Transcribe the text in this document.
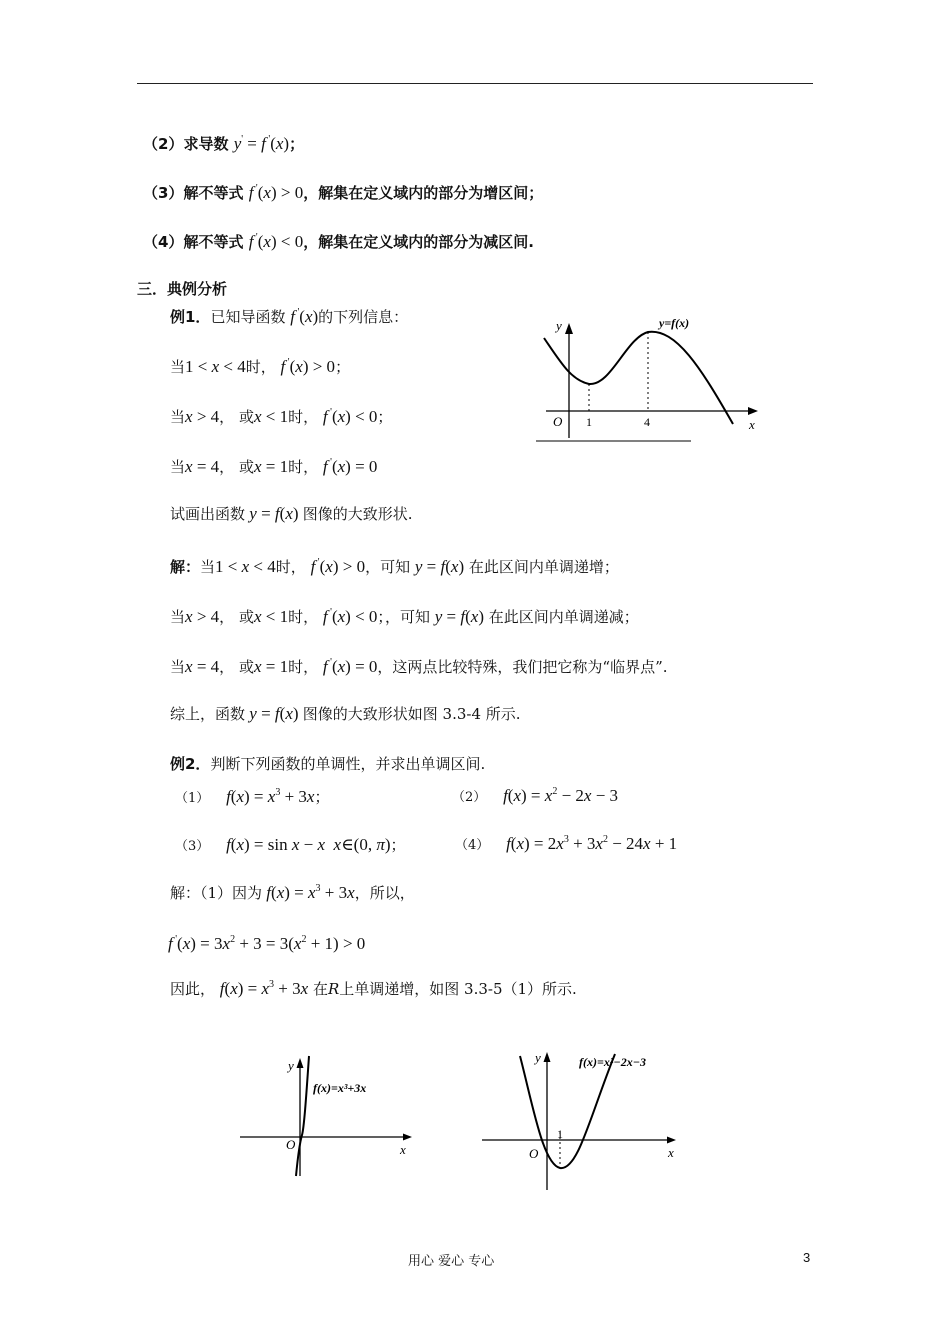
（2）求导数 y' = f '(x)；
（3）解不等式 f '(x) > 0，解集在定义域内的部分为增区间；
（4）解不等式 f '(x) < 0，解集在定义域内的部分为减区间.
三．典例分析
例1．已知导函数 f '(x)的下列信息：
当1 < x < 4时， f '(x) > 0；
当x > 4， 或x < 1时， f '(x) < 0；
当x = 4， 或x = 1时， f '(x) = 0
试画出函数 y = f(x) 图像的大致形状.
y	y=f(x)
O 1	4	x
解：当1 < x < 4时， f '(x) > 0，可知 y = f(x) 在此区间内单调递增；
当x > 4， 或x < 1时， f '(x) < 0；，可知 y = f(x) 在此区间内单调递减；
当x = 4， 或x = 1时， f '(x) = 0，这两点比较特殊，我们把它称为“临界点”.
综上，函数 y = f(x) 图像的大致形状如图 3.3-4 所示.
例2．判断下列函数的单调性，并求出单调区间.
（1） $f(x) = x^3 + 3x$；	（2） $f(x) = x^2 - 2x - 3$
（3） f(x) = sin x − x x∈(0, π)；	（4） $f(x) = 2x^3 + 3x^2 - 24x + 1$
解：（1）因为 $f(x) = x^3 + 3x$，所以，
f $'(x) = 3x^2 + 3 = 3(x^2 + 1) > 0$
因此， $f(x) = x^3 + 3x$ 在R上单调递增，如图 3.3-5（1）所示.
y
f(x)=x³+3x
O	x
y	f(x)=x²−2x−3
1
O	x
用心 爱心 专心	3
